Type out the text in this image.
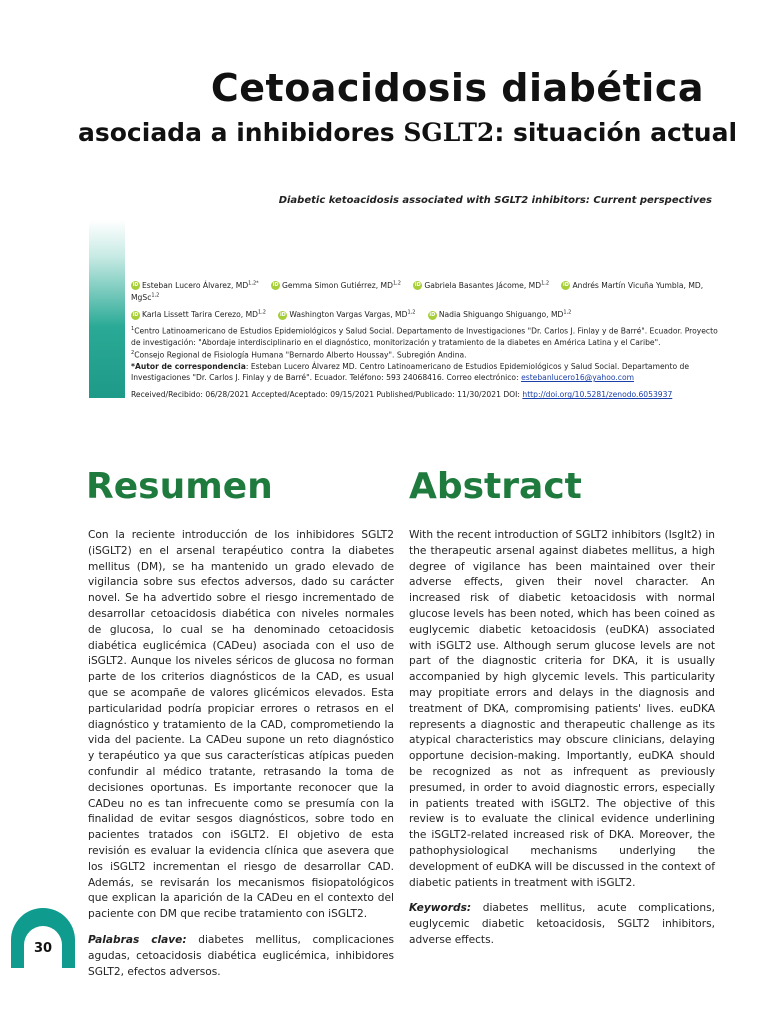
Cetoacidosis diabética
asociada a inhibidores SGLT2: situación actual

Diabetic ketoacidosis associated with SGLT2 inhibitors: Current perspectives

iD Esteban Lucero Álvarez, $MD^{1,2*}$	iD Gemma Simon Gutiérrez, MD$^{1,2}$	iD Gabriela Basantes Jácome, MD$^{1,2}$	iD Andrés Martín Vicuña Yumbla, MD, MgSc$^{1,2}$

iD Karla Lissett Tarira Cerezo, MD$^{1,2}$	iD Washington Vargas Vargas, MD$^{1,2}$	iD Nadia Shiguango Shiguango, MD$^{1,2}$

$^1$Centro Latinoamericano de Estudios Epidemiológicos y Salud Social. Departamento de Investigaciones "Dr. Carlos J. Finlay y de Barré". Ecuador. Proyecto de investigación: "Abordaje interdisciplinario en el diagnóstico, monitorización y tratamiento de la diabetes en América Latina y el Caribe".

$^2$Consejo Regional de Fisiología Humana "Bernardo Alberto Houssay". Subregión Andina.

*Autor de correspondencia: Esteban Lucero Álvarez MD. Centro Latinoamericano de Estudios Epidemiológicos y Salud Social. Departamento de Investigaciones "Dr. Carlos J. Finlay y de Barré". Ecuador. Teléfono: 593 24068416. Correo electrónico: estebanlucero16@yahoo.com

Received/Recibido: 06/28/2021 Accepted/Aceptado: 09/15/2021 Published/Publicado: 11/30/2021 DOI: http://doi.org/10.5281/zenodo.6053937

Resumen	Abstract

Con la reciente introducción de los inhibidores SGLT2 (iSGLT2) en el arsenal terapéutico contra la diabetes mellitus (DM), se ha mantenido un grado elevado de vigilancia sobre sus efectos adversos, dado su carácter novel. Se ha advertido sobre el riesgo incrementado de desarrollar cetoacidosis diabética con niveles normales de glucosa, lo cual se ha denominado cetoacidosis diabética euglicémica (CADeu) asociada con el uso de iSGLT2. Aunque los niveles séricos de glucosa no forman parte de los criterios diagnósticos de la CAD, es usual que se acompañe de valores glicémicos elevados. Esta particularidad podría propiciar errores o retrasos en el diagnóstico y tratamiento de la CAD, comprometiendo la vida del paciente. La CADeu supone un reto diagnóstico y terapéutico ya que sus características atípicas pueden confundir al médico tratante, retrasando la toma de decisiones oportunas. Es importante reconocer que la CADeu no es tan infrecuente como se presumía con la finalidad de evitar sesgos diagnósticos, sobre todo en pacientes tratados con iSGLT2. El objetivo de esta revisión es evaluar la evidencia clínica que asevera que los iSGLT2 incrementan el riesgo de desarrollar CAD. Además, se revisarán los mecanismos fisiopatológicos que explican la aparición de la CADeu en el contexto del paciente con DM que recibe tratamiento con iSGLT2.

Palabras clave: diabetes mellitus, complicaciones agudas, cetoacidosis diabética euglicémica, inhibidores SGLT2, efectos adversos.

With the recent introduction of SGLT2 inhibitors (Isglt2) in the therapeutic arsenal against diabetes mellitus, a high degree of vigilance has been maintained over their adverse effects, given their novel character. An increased risk of diabetic ketoacidosis with normal glucose levels has been noted, which has been coined as euglycemic diabetic ketoacidosis (euDKA) associated with iSGLT2 use. Although serum glucose levels are not part of the diagnostic criteria for DKA, it is usually accompanied by high glycemic levels. This particularity may propitiate errors and delays in the diagnosis and treatment of DKA, compromising patients' lives. euDKA represents a diagnostic and therapeutic challenge as its atypical characteristics may obscure clinicians, delaying opportune decision-making. Importantly, euDKA should be recognized as not as infrequent as previously presumed, in order to avoid diagnostic errors, especially in patients treated with iSGLT2. The objective of this review is to evaluate the clinical evidence underlining the iSGLT2-related increased risk of DKA. Moreover, the pathophysiological mechanisms underlying the development of euDKA will be discussed in the context of diabetic patients in treatment with iSGLT2.

Keywords: diabetes mellitus, acute complications, euglycemic diabetic ketoacidosis, SGLT2 inhibitors, adverse effects.

30
